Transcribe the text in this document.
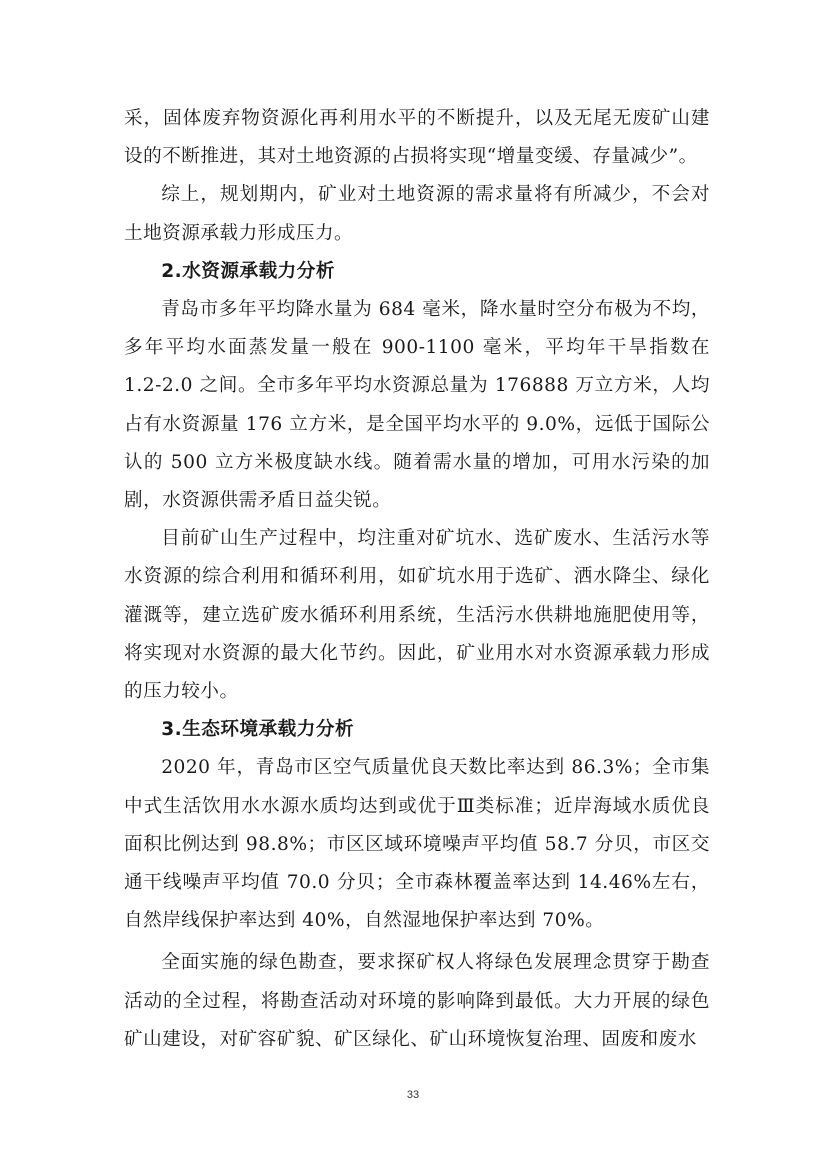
采，固体废弃物资源化再利用水平的不断提升，以及无尾无废矿山建设的不断推进，其对土地资源的占损将实现“增量变缓、存量减少”。

综上，规划期内，矿业对土地资源的需求量将有所减少，不会对土地资源承载力形成压力。

2.水资源承载力分析

青岛市多年平均降水量为 684 毫米，降水量时空分布极为不均，多年平均水面蒸发量一般在 900-1100 毫米，平均年干旱指数在 1.2-2.0 之间。全市多年平均水资源总量为 176888 万立方米，人均占有水资源量 176 立方米，是全国平均水平的 9.0%，远低于国际公认的 500 立方米极度缺水线。随着需水量的增加，可用水污染的加剧，水资源供需矛盾日益尖锐。

目前矿山生产过程中，均注重对矿坑水、选矿废水、生活污水等水资源的综合利用和循环利用，如矿坑水用于选矿、洒水降尘、绿化灌溉等，建立选矿废水循环利用系统，生活污水供耕地施肥使用等，将实现对水资源的最大化节约。因此，矿业用水对水资源承载力形成的压力较小。

3.生态环境承载力分析

2020 年，青岛市区空气质量优良天数比率达到 86.3%；全市集中式生活饮用水水源水质均达到或优于Ⅲ类标准；近岸海域水质优良面积比例达到 98.8%；市区区域环境噪声平均值 58.7 分贝，市区交通干线噪声平均值 70.0 分贝；全市森林覆盖率达到 14.46%左右，自然岸线保护率达到 40%，自然湿地保护率达到 70%。

全面实施的绿色勘查，要求探矿权人将绿色发展理念贯穿于勘查活动的全过程，将勘查活动对环境的影响降到最低。大力开展的绿色矿山建设，对矿容矿貌、矿区绿化、矿山环境恢复治理、固废和废水

33
